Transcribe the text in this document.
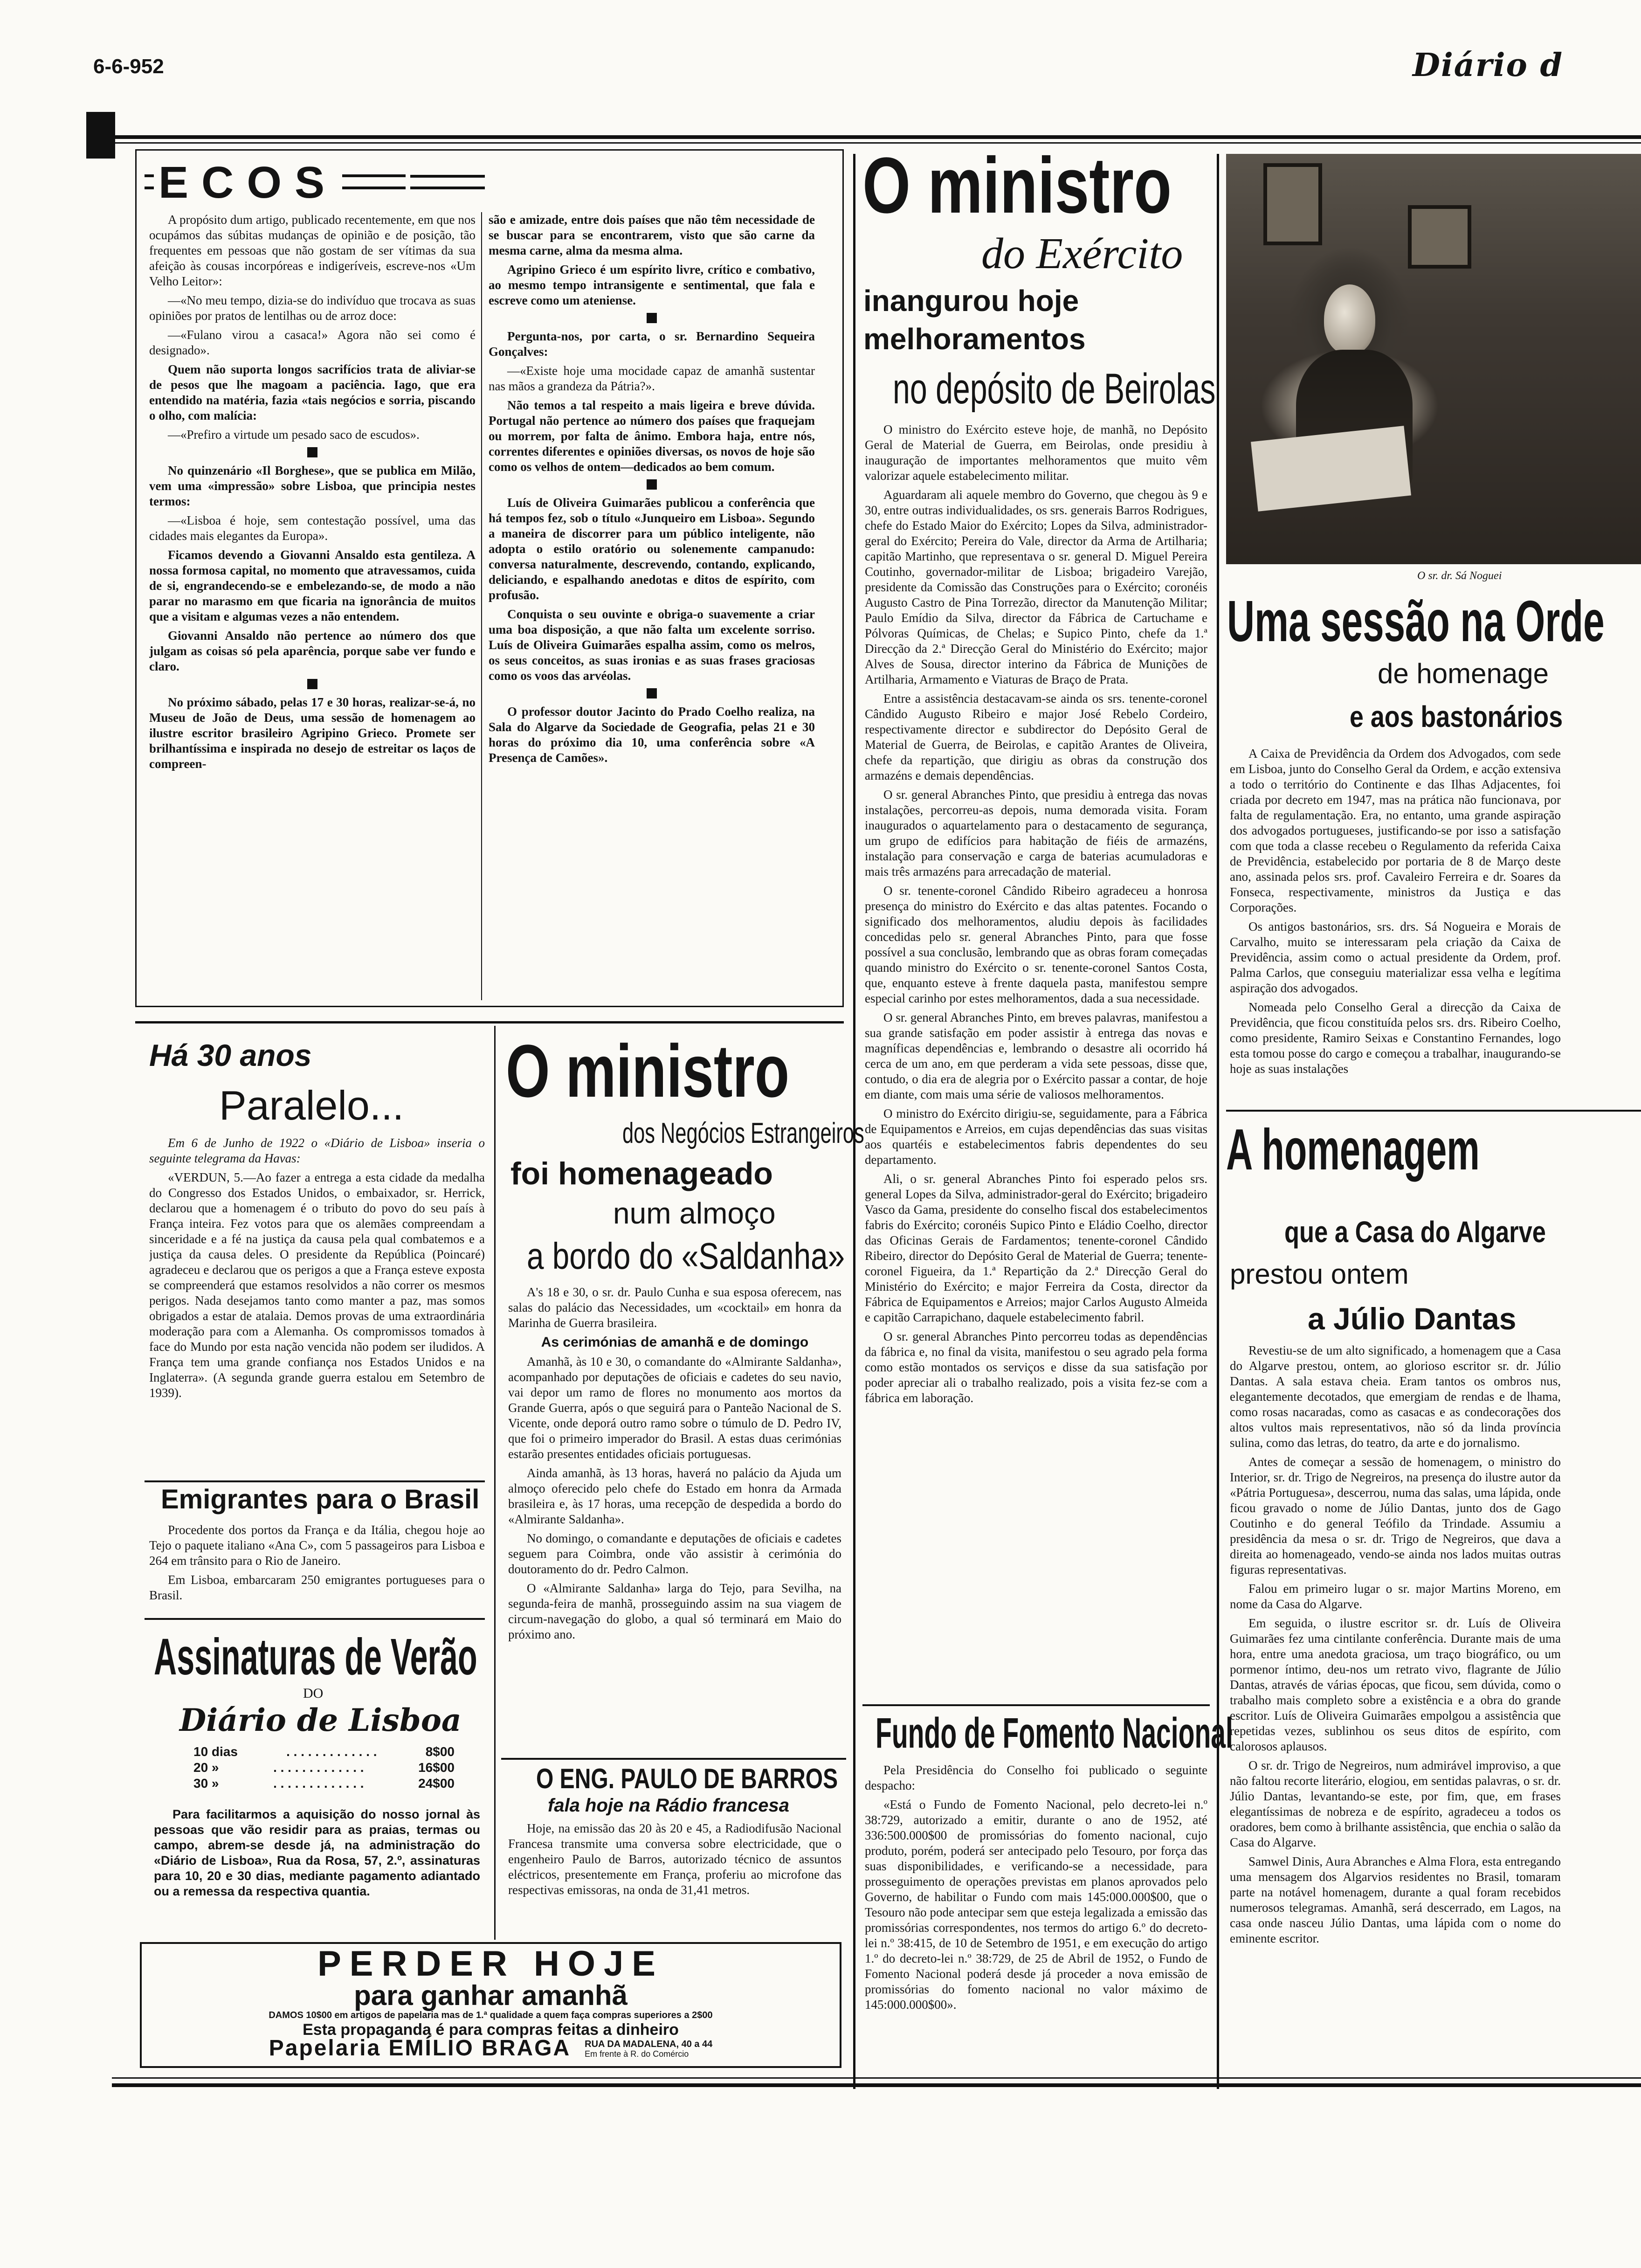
6-6-952	Diário d
ECOS

A propósito dum artigo, publicado recentemente, em que nos ocupámos das súbitas mudanças de opinião e de posição, tão frequentes em pessoas que não gostam de ser vítimas da sua afeição às cousas incorpóreas e indigeríveis, escreve-nos «Um Velho Leitor»:

—«No meu tempo, dizia-se do indivíduo que trocava as suas opiniões por pratos de lentilhas ou de arroz doce:

—«Fulano virou a casaca!» Agora não sei como é designado».

Quem não suporta longos sacrifícios trata de aliviar-se de pesos que lhe magoam a paciência. Iago, que era entendido na matéria, fazia «tais negócios e sorria, piscando o olho, com malícia:

—«Prefiro a virtude um pesado saco de escudos».

No quinzenário «Il Borghese», que se publica em Milão, vem uma «impressão» sobre Lisboa, que principia nestes termos:

—«Lisboa é hoje, sem contestação possível, uma das cidades mais elegantes da Europa».

Ficamos devendo a Giovanni Ansaldo esta gentileza. A nossa formosa capital, no momento que atravessamos, cuida de si, engrandecendo-se e embelezando-se, de modo a não parar no marasmo em que ficaria na ignorância de muitos que a visitam e algumas vezes a não entendem.

Giovanni Ansaldo não pertence ao número dos que julgam as coisas só pela aparência, porque sabe ver fundo e claro.

No próximo sábado, pelas 17 e 30 horas, realizar-se-á, no Museu de João de Deus, uma sessão de homenagem ao ilustre escritor brasileiro Agripino Grieco. Promete ser brilhantíssima e inspirada no desejo de estreitar os laços de compreen-

são e amizade, entre dois países que não têm necessidade de se buscar para se encontrarem, visto que são carne da mesma carne, alma da mesma alma.

Agripino Grieco é um espírito livre, crítico e combativo, ao mesmo tempo intransigente e sentimental, que fala e escreve como um ateniense.

Pergunta-nos, por carta, o sr. Bernardino Sequeira Gonçalves:

—«Existe hoje uma mocidade capaz de amanhã sustentar nas mãos a grandeza da Pátria?».

Não temos a tal respeito a mais ligeira e breve dúvida. Portugal não pertence ao número dos países que fraquejam ou morrem, por falta de ânimo. Embora haja, entre nós, correntes diferentes e opiniões diversas, os novos de hoje são como os velhos de ontem—dedicados ao bem comum.

Luís de Oliveira Guimarães publicou a conferência que há tempos fez, sob o título «Junqueiro em Lisboa». Segundo a maneira de discorrer para um público inteligente, não adopta o estilo oratório ou solenemente campanudo: conversa naturalmente, descrevendo, contando, explicando, deliciando, e espalhando anedotas e ditos de espírito, com profusão.

Conquista o seu ouvinte e obriga-o suavemente a criar uma boa disposição, a que não falta um excelente sorriso. Luís de Oliveira Guimarães espalha assim, como os melros, os seus conceitos, as suas ironias e as suas frases graciosas como os voos das arvéolas.

O professor doutor Jacinto do Prado Coelho realiza, na Sala do Algarve da Sociedade de Geografia, pelas 21 e 30 horas do próximo dia 10, uma conferência sobre «A Presença de Camões».

O ministro
do Exército
inangurou hoje
melhoramentos
no depósito de Beirolas

O ministro do Exército esteve hoje, de manhã, no Depósito Geral de Material de Guerra, em Beirolas, onde presidiu à inauguração de importantes melhoramentos que muito vêm valorizar aquele estabelecimento militar.

Aguardaram ali aquele membro do Governo, que chegou às 9 e 30, entre outras individualidades, os srs. generais Barros Rodrigues, chefe do Estado Maior do Exército; Lopes da Silva, administrador-geral do Exército; Pereira do Vale, director da Arma de Artilharia; capitão Martinho, que representava o sr. general D. Miguel Pereira Coutinho, governador-militar de Lisboa; brigadeiro Varejão, presidente da Comissão das Construções para o Exército; coronéis Augusto Castro de Pina Torrezão, director da Manutenção Militar; Paulo Emídio da Silva, director da Fábrica de Cartuchame e Pólvoras Químicas, de Chelas; e Supico Pinto, chefe da 1.ª Direcção da 2.ª Direcção Geral do Ministério do Exército; major Alves de Sousa, director interino da Fábrica de Munições de Artilharia, Armamento e Viaturas de Braço de Prata.

Entre a assistência destacavam-se ainda os srs. tenente-coronel Cândido Augusto Ribeiro e major José Rebelo Cordeiro, respectivamente director e subdirector do Depósito Geral de Material de Guerra, de Beirolas, e capitão Arantes de Oliveira, chefe da repartição, que dirigiu as obras da construção dos armazéns e demais dependências.

O sr. general Abranches Pinto, que presidiu à entrega das novas instalações, percorreu-as depois, numa demorada visita. Foram inaugurados o aquartelamento para o destacamento de segurança, um grupo de edifícios para habitação de fiéis de armazéns, instalação para conservação e carga de baterias acumuladoras e mais três armazéns para arrecadação de material.

O sr. tenente-coronel Cândido Ribeiro agradeceu a honrosa presença do ministro do Exército e das altas patentes. Focando o significado dos melhoramentos, aludiu depois às facilidades concedidas pelo sr. general Abranches Pinto, para que fosse possível a sua conclusão, lembrando que as obras foram começadas quando ministro do Exército o sr. tenente-coronel Santos Costa, que, enquanto esteve à frente daquela pasta, manifestou sempre especial carinho por estes melhoramentos, dada a sua necessidade.

O sr. general Abranches Pinto, em breves palavras, manifestou a sua grande satisfação em poder assistir à entrega das novas e magníficas dependências e, lembrando o desastre ali ocorrido há cerca de um ano, em que perderam a vida sete pessoas, disse que, contudo, o dia era de alegria por o Exército passar a contar, de hoje em diante, com mais uma série de valiosos melhoramentos.

O ministro do Exército dirigiu-se, seguidamente, para a Fábrica de Equipamentos e Arreios, em cujas dependências das suas visitas aos quartéis e estabelecimentos fabris dependentes do seu departamento.

Ali, o sr. general Abranches Pinto foi esperado pelos srs. general Lopes da Silva, administrador-geral do Exército; brigadeiro Vasco da Gama, presidente do conselho fiscal dos estabelecimentos fabris do Exército; coronéis Supico Pinto e Eládio Coelho, director das Oficinas Gerais de Fardamentos; tenente-coronel Cândido Ribeiro, director do Depósito Geral de Material de Guerra; tenente-coronel Figueira, da 1.ª Repartição da 2.ª Direcção Geral do Ministério do Exército; e major Ferreira da Costa, director da Fábrica de Equipamentos e Arreios; major Carlos Augusto Almeida e capitão Carrapichano, daquele estabelecimento fabril.

O sr. general Abranches Pinto percorreu todas as dependências da fábrica e, no final da visita, manifestou o seu agrado pela forma como estão montados os serviços e disse da sua satisfação por poder apreciar ali o trabalho realizado, pois a visita fez-se com a fábrica em laboração.

Fundo de Fomento Nacional

Pela Presidência do Conselho foi publicado o seguinte despacho:

«Está o Fundo de Fomento Nacional, pelo decreto-lei n.º 38:729, autorizado a emitir, durante o ano de 1952, até 336:500.000$00 de promissórias do fomento nacional, cujo produto, porém, poderá ser antecipado pelo Tesouro, por força das suas disponibilidades, e verificando-se a necessidade, para prosseguimento de operações previstas em planos aprovados pelo Governo, de habilitar o Fundo com mais 145:000.000$00, que o Tesouro não pode antecipar sem que esteja legalizada a emissão das promissórias correspondentes, nos termos do artigo 6.º do decreto-lei n.º 38:415, de 10 de Setembro de 1951, e em execução do artigo 1.º do decreto-lei n.º 38:729, de 25 de Abril de 1952, o Fundo de Fomento Nacional poderá desde já proceder a nova emissão de promissórias do fomento nacional no valor máximo de 145:000.000$00».

O sr. dr. Sá Noguei
Uma sessão na Orde
de homenage
e aos bastonários

A Caixa de Previdência da Ordem dos Advogados, com sede em Lisboa, junto do Conselho Geral da Ordem, e acção extensiva a todo o território do Continente e das Ilhas Adjacentes, foi criada por decreto em 1947, mas na prática não funcionava, por falta de regulamentação. Era, no entanto, uma grande aspiração dos advogados portugueses, justificando-se por isso a satisfação com que toda a classe recebeu o Regulamento da referida Caixa de Previdência, estabelecido por portaria de 8 de Março deste ano, assinada pelos srs. prof. Cavaleiro Ferreira e dr. Soares da Fonseca, respectivamente, ministros da Justiça e das Corporações.

Os antigos bastonários, srs. drs. Sá Nogueira e Morais de Carvalho, muito se interessaram pela criação da Caixa de Previdência, assim como o actual presidente da Ordem, prof. Palma Carlos, que conseguiu materializar essa velha e legítima aspiração dos advogados.

Nomeada pelo Conselho Geral a direcção da Caixa de Previdência, que ficou constituída pelos srs. drs. Ribeiro Coelho, como presidente, Ramiro Seixas e Constantino Fernandes, logo esta tomou posse do cargo e começou a trabalhar, inaugurando-se hoje as suas instalações

A homenagem
que a Casa do Algarve
prestou ontem
a Júlio Dantas

Revestiu-se de um alto significado, a homenagem que a Casa do Algarve prestou, ontem, ao glorioso escritor sr. dr. Júlio Dantas. A sala estava cheia. Eram tantos os ombros nus, elegantemente decotados, que emergiam de rendas e de lhama, como rosas nacaradas, como as casacas e as condecorações dos altos vultos mais representativos, não só da linda província sulina, como das letras, do teatro, da arte e do jornalismo.

Antes de começar a sessão de homenagem, o ministro do Interior, sr. dr. Trigo de Negreiros, na presença do ilustre autor da «Pátria Portuguesa», descerrou, numa das salas, uma lápida, onde ficou gravado o nome de Júlio Dantas, junto dos de Gago Coutinho e do general Teófilo da Trindade. Assumiu a presidência da mesa o sr. dr. Trigo de Negreiros, que dava a direita ao homenageado, vendo-se ainda nos lados muitas outras figuras representativas.

Falou em primeiro lugar o sr. major Martins Moreno, em nome da Casa do Algarve.

Em seguida, o ilustre escritor sr. dr. Luís de Oliveira Guimarães fez uma cintilante conferência. Durante mais de uma hora, entre uma anedota graciosa, um traço biográfico, ou um pormenor íntimo, deu-nos um retrato vivo, flagrante de Júlio Dantas, através de várias épocas, que ficou, sem dúvida, como o trabalho mais completo sobre a existência e a obra do grande escritor. Luís de Oliveira Guimarães empolgou a assistência que repetidas vezes, sublinhou os seus ditos de espírito, com calorosos aplausos.

O sr. dr. Trigo de Negreiros, num admirável improviso, a que não faltou recorte literário, elogiou, em sentidas palavras, o sr. dr. Júlio Dantas, levantando-se este, por fim, que, em frases elegantíssimas de nobreza e de espírito, agradeceu a todos os oradores, bem como à brilhante assistência, que enchia o salão da Casa do Algarve.

Samwel Dinis, Aura Abranches e Alma Flora, esta entregando uma mensagem dos Algarvios residentes no Brasil, tomaram parte na notável homenagem, durante a qual foram recebidos numerosos telegramas. Amanhã, será descerrado, em Lagos, na casa onde nasceu Júlio Dantas, uma lápida com o nome do eminente escritor.

Há 30 anos
Paralelo...

Em 6 de Junho de 1922 o «Diário de Lisboa» inseria o seguinte telegrama da Havas:

«VERDUN, 5.—Ao fazer a entrega a esta cidade da medalha do Congresso dos Estados Unidos, o embaixador, sr. Herrick, declarou que a homenagem é o tributo do povo do seu país à França inteira. Fez votos para que os alemães compreendam a sinceridade e a fé na justiça da causa pela qual combatemos e a justiça da causa deles. O presidente da República (Poincaré) agradeceu e declarou que os perigos a que a França esteve exposta se compreenderá que estamos resolvidos a não correr os mesmos perigos. Nada desejamos tanto como manter a paz, mas somos obrigados a estar de atalaia. Demos provas de uma extraordinária moderação para com a Alemanha. Os compromissos tomados à face do Mundo por esta nação vencida não podem ser iludidos. A França tem uma grande confiança nos Estados Unidos e na Inglaterra». (A segunda grande guerra estalou em Setembro de 1939).

Emigrantes para o Brasil

Procedente dos portos da França e da Itália, chegou hoje ao Tejo o paquete italiano «Ana C», com 5 passageiros para Lisboa e 264 em trânsito para o Rio de Janeiro.

Em Lisboa, embarcaram 250 emigrantes portugueses para o Brasil.

Assinaturas de Verão
DO
Diário de Lisboa
10 dias	. . . . . . . . . . . . .	8$00
20 »	. . . . . . . . . . . . .	16$00
30 »	. . . . . . . . . . . . .	24$00

Para facilitarmos a aquisição do nosso jornal às pessoas que vão residir para as praias, termas ou campo, abrem-se desde já, na administração do «Diário de Lisboa», Rua da Rosa, 57, 2.º, assinaturas para 10, 20 e 30 dias, mediante pagamento adiantado ou a remessa da respectiva quantia.

O ministro
dos Negócios Estrangeiros
foi homenageado
num almoço
a bordo do «Saldanha»

A's 18 e 30, o sr. dr. Paulo Cunha e sua esposa oferecem, nas salas do palácio das Necessidades, um «cocktail» em honra da Marinha de Guerra brasileira.

As cerimónias de amanhã e de domingo

Amanhã, às 10 e 30, o comandante do «Almirante Saldanha», acompanhado por deputações de oficiais e cadetes do seu navio, vai depor um ramo de flores no monumento aos mortos da Grande Guerra, após o que seguirá para o Panteão Nacional de S. Vicente, onde deporá outro ramo sobre o túmulo de D. Pedro IV, que foi o primeiro imperador do Brasil. A estas duas cerimónias estarão presentes entidades oficiais portuguesas.

Ainda amanhã, às 13 horas, haverá no palácio da Ajuda um almoço oferecido pelo chefe do Estado em honra da Armada brasileira e, às 17 horas, uma recepção de despedida a bordo do «Almirante Saldanha».

No domingo, o comandante e deputações de oficiais e cadetes seguem para Coimbra, onde vão assistir à cerimónia do doutoramento do dr. Pedro Calmon.

O «Almirante Saldanha» larga do Tejo, para Sevilha, na segunda-feira de manhã, prosseguindo assim na sua viagem de circum-navegação do globo, a qual só terminará em Maio do próximo ano.

O ENG. PAULO DE BARROS
fala hoje na Rádio francesa

Hoje, na emissão das 20 às 20 e 45, a Radiodifusão Nacional Francesa transmite uma conversa sobre electricidade, que o engenheiro Paulo de Barros, autorizado técnico de assuntos eléctricos, presentemente em França, proferiu ao microfone das respectivas emissoras, na onda de 31,41 metros.

PERDER HOJE
para ganhar amanhã
DAMOS 10$00 em artigos de papelaria mas de 1.ª qualidade a quem faça compras superiores a 2$00
Esta propaganda é para compras feitas a dinheiro
Papelaria EMÍLIO BRAGA RUA DA MADALENA, 40 a 44
Em frente à R. do Comércio
